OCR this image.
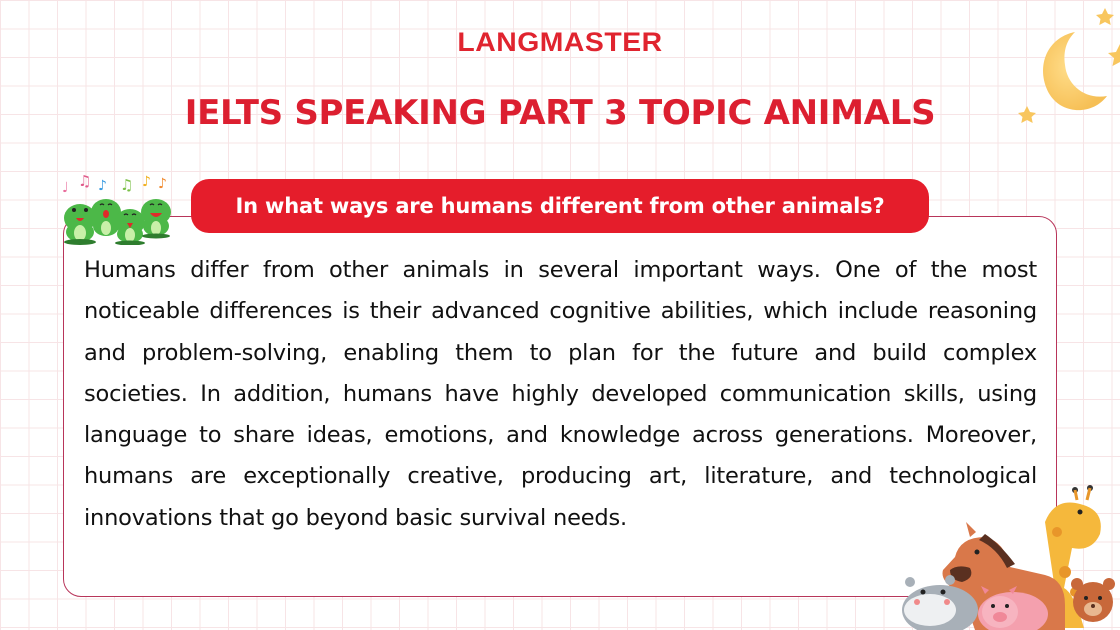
LANGMASTER
IELTS SPEAKING PART 3 TOPIC ANIMALS
In what ways are humans different from other animals?

Humans differ from other animals in several important ways. One of the most noticeable differences is their advanced cognitive abilities, which include reasoning and problem-solving, enabling them to plan for the future and build complex societies. In addition, humans have highly developed communication skills, using language to share ideas, emotions, and knowledge across generations. Moreover, humans are exceptionally creative, producing art, literature, and technological innovations that go beyond basic survival needs.

♩ ♫ ♪ ♫ ♪ ♪
